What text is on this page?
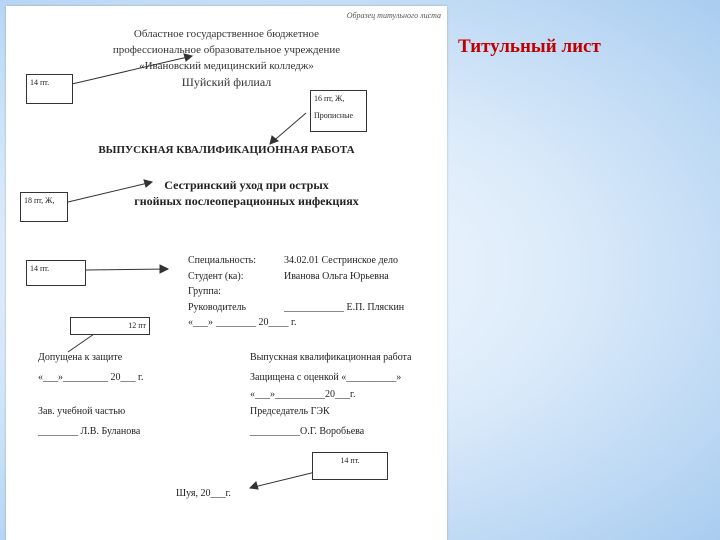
Титульный лист
Образец титульного листа
Областное государственное бюджетное
профессиональное образовательное учреждение
«Ивановский медицинский колледж»
Шуйский филиал
14 пт.
16 пт, Ж,
Прописные
ВЫПУСКНАЯ КВАЛИФИКАЦИОННАЯ РАБОТА
18 пт, Ж,
Сестринский уход при острых
гнойных послеоперационных инфекциях
14 пт.
Специальность:	34.02.01 Сестринское дело
Студент (ка):	Иванова Ольга Юрьевна
Группа:
Руководитель	____________ Е.П. Пляскин
«___» ________ 20____ г.
12 пт
Допущена к защите
«___»_________ 20___ г.
Зав. учебной частью
________ Л.В. Буланова
Выпускная квалификационная работа
Защищена с оценкой «__________»
«___»__________20___г.
Председатель ГЭК
__________О.Г. Воробьева
14 пт.
Шуя, 20___г.
